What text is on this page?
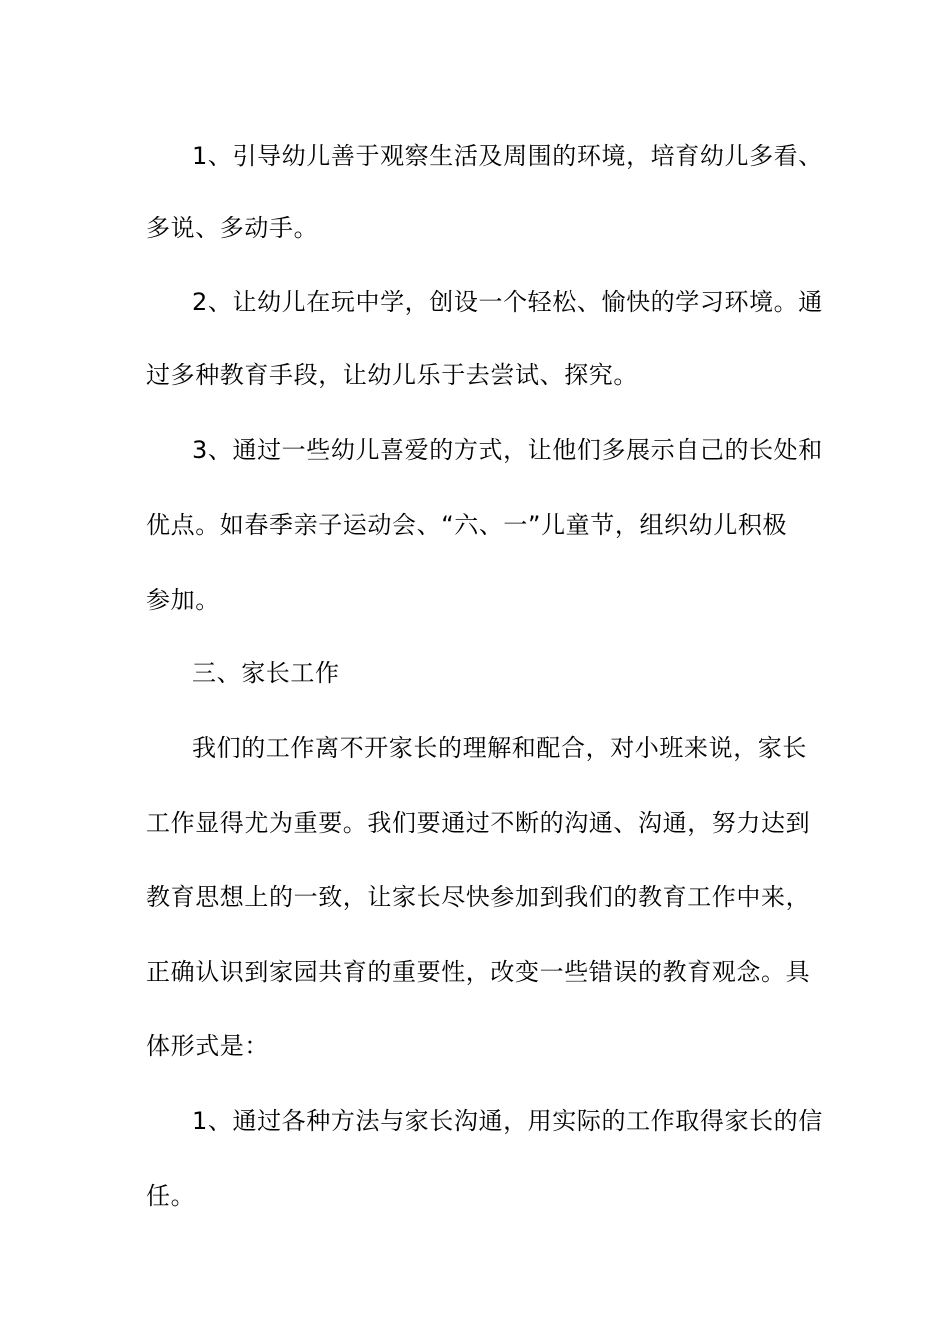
1、引导幼儿善于观察生活及周围的环境，培育幼儿多看、
多说、多动手。
2、让幼儿在玩中学，创设一个轻松、愉快的学习环境。通
过多种教育手段，让幼儿乐于去尝试、探究。
3、通过一些幼儿喜爱的方式，让他们多展示自己的长处和
优点。如春季亲子运动会、“六、一”儿童节，组织幼儿积极
参加。
三、家长工作
我们的工作离不开家长的理解和配合，对小班来说，家长
工作显得尤为重要。我们要通过不断的沟通、沟通，努力达到
教育思想上的一致，让家长尽快参加到我们的教育工作中来，
正确认识到家园共育的重要性，改变一些错误的教育观念。具
体形式是：
1、通过各种方法与家长沟通，用实际的工作取得家长的信
任。
